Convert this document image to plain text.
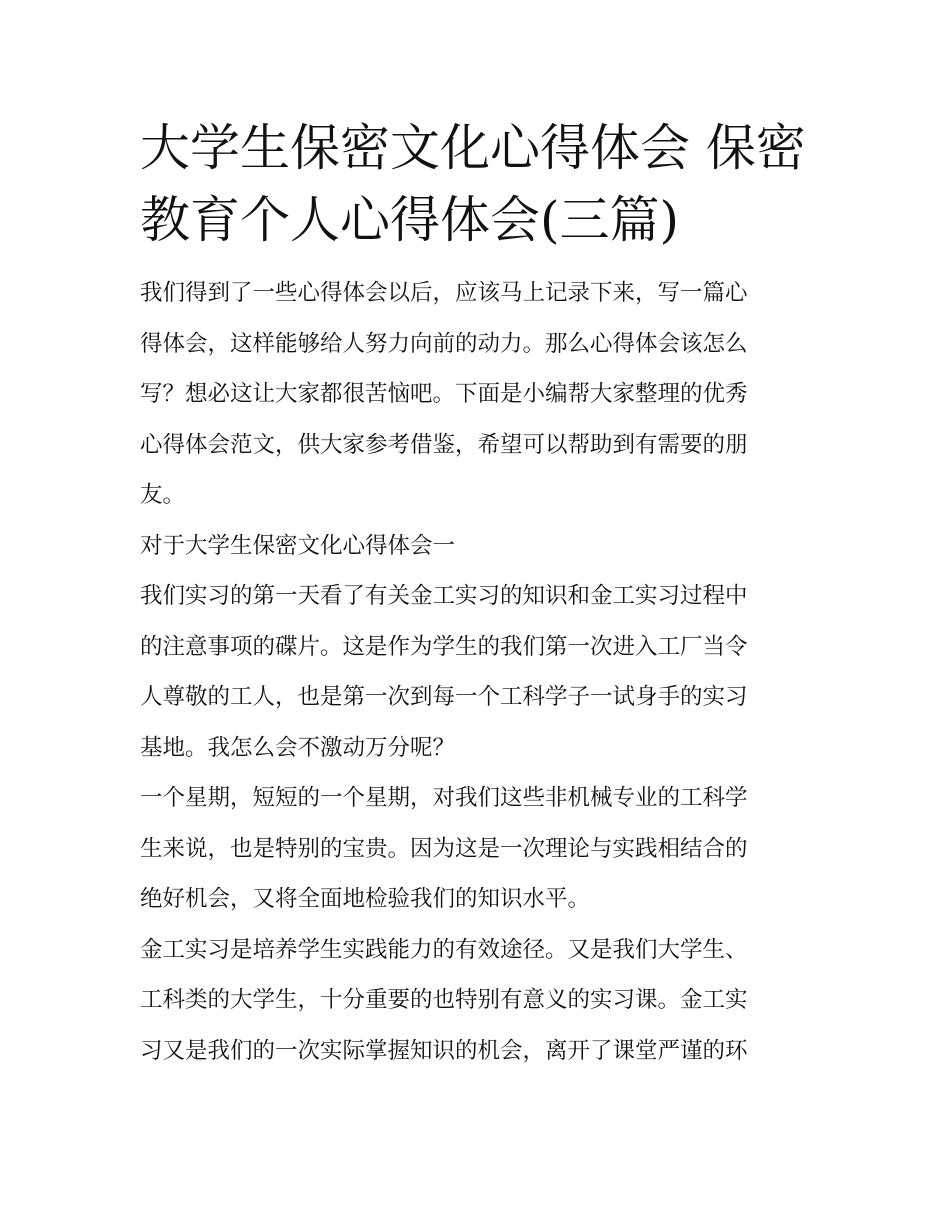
大学生保密文化心得体会 保密
教育个人心得体会(三篇)
我们得到了一些心得体会以后，应该马上记录下来，写一篇心
得体会，这样能够给人努力向前的动力。那么心得体会该怎么
写？想必这让大家都很苦恼吧。下面是小编帮大家整理的优秀
心得体会范文，供大家参考借鉴，希望可以帮助到有需要的朋
友。
对于大学生保密文化心得体会一
我们实习的第一天看了有关金工实习的知识和金工实习过程中
的注意事项的碟片。这是作为学生的我们第一次进入工厂当令
人尊敬的工人，也是第一次到每一个工科学子一试身手的实习
基地。我怎么会不激动万分呢？
一个星期，短短的一个星期，对我们这些非机械专业的工科学
生来说，也是特别的宝贵。因为这是一次理论与实践相结合的
绝好机会，又将全面地检验我们的知识水平。
金工实习是培养学生实践能力的有效途径。又是我们大学生、
工科类的大学生，十分重要的也特别有意义的实习课。金工实
习又是我们的一次实际掌握知识的机会，离开了课堂严谨的环
